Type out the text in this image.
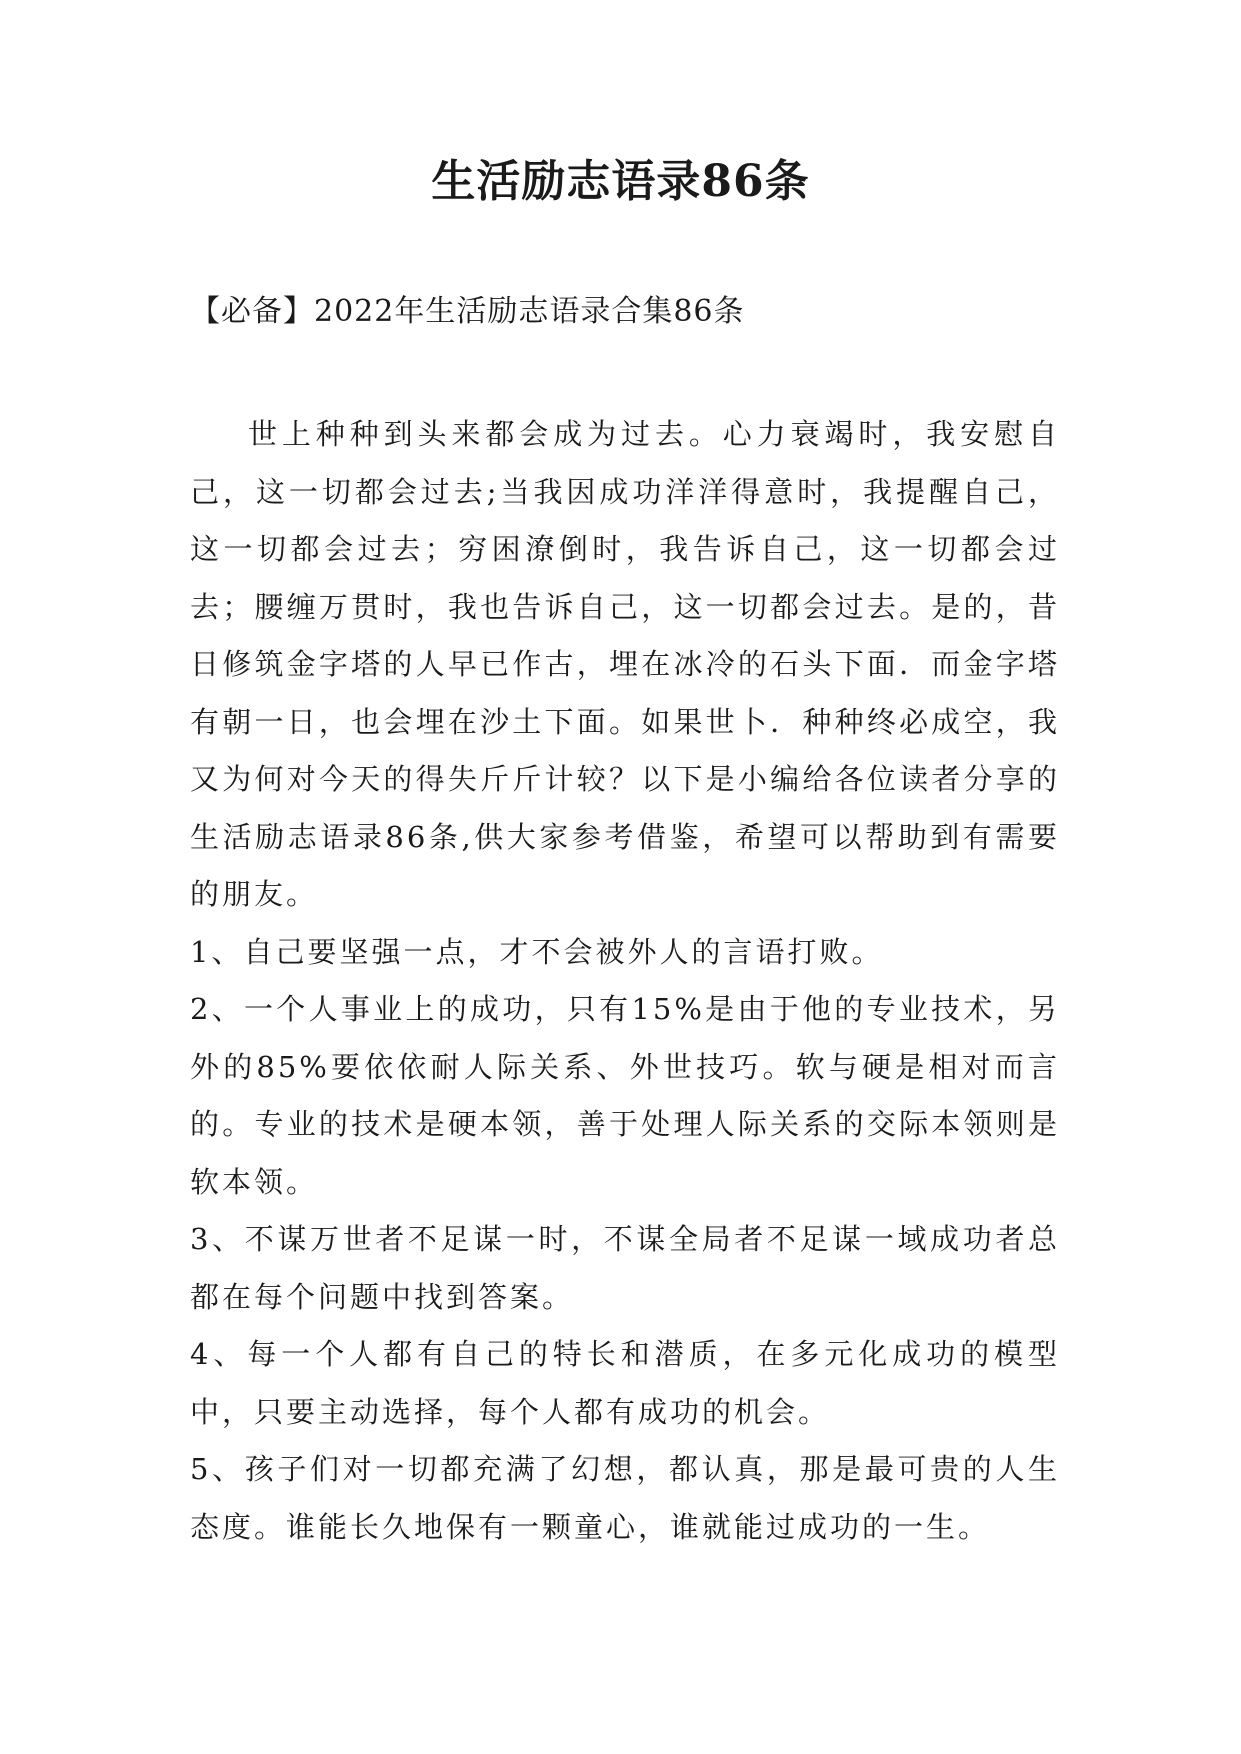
生活励志语录86条

【必备】2022年生活励志语录合集86条

世上种种到头来都会成为过去。心力衰竭时，我安慰自己，这一切都会过去;当我因成功洋洋得意时，我提醒自己，这一切都会过去；穷困潦倒时，我告诉自己，这一切都会过去；腰缠万贯时，我也告诉自己，这一切都会过去。是的，昔日修筑金字塔的人早已作古，埋在冰冷的石头下面．而金字塔有朝一日，也会埋在沙土下面。如果世卜．种种终必成空，我又为何对今天的得失斤斤计较？以下是小编给各位读者分享的生活励志语录86条,供大家参考借鉴，希望可以帮助到有需要的朋友。

1、自己要坚强一点，才不会被外人的言语打败。

2、一个人事业上的成功，只有15%是由于他的专业技术，另外的85%要依依耐人际关系、外世技巧。软与硬是相对而言的。专业的技术是硬本领，善于处理人际关系的交际本领则是软本领。

3、不谋万世者不足谋一时，不谋全局者不足谋一域成功者总都在每个问题中找到答案。

4、每一个人都有自己的特长和潜质，在多元化成功的模型中，只要主动选择，每个人都有成功的机会。

5、孩子们对一切都充满了幻想，都认真，那是最可贵的人生态度。谁能长久地保有一颗童心，谁就能过成功的一生。
